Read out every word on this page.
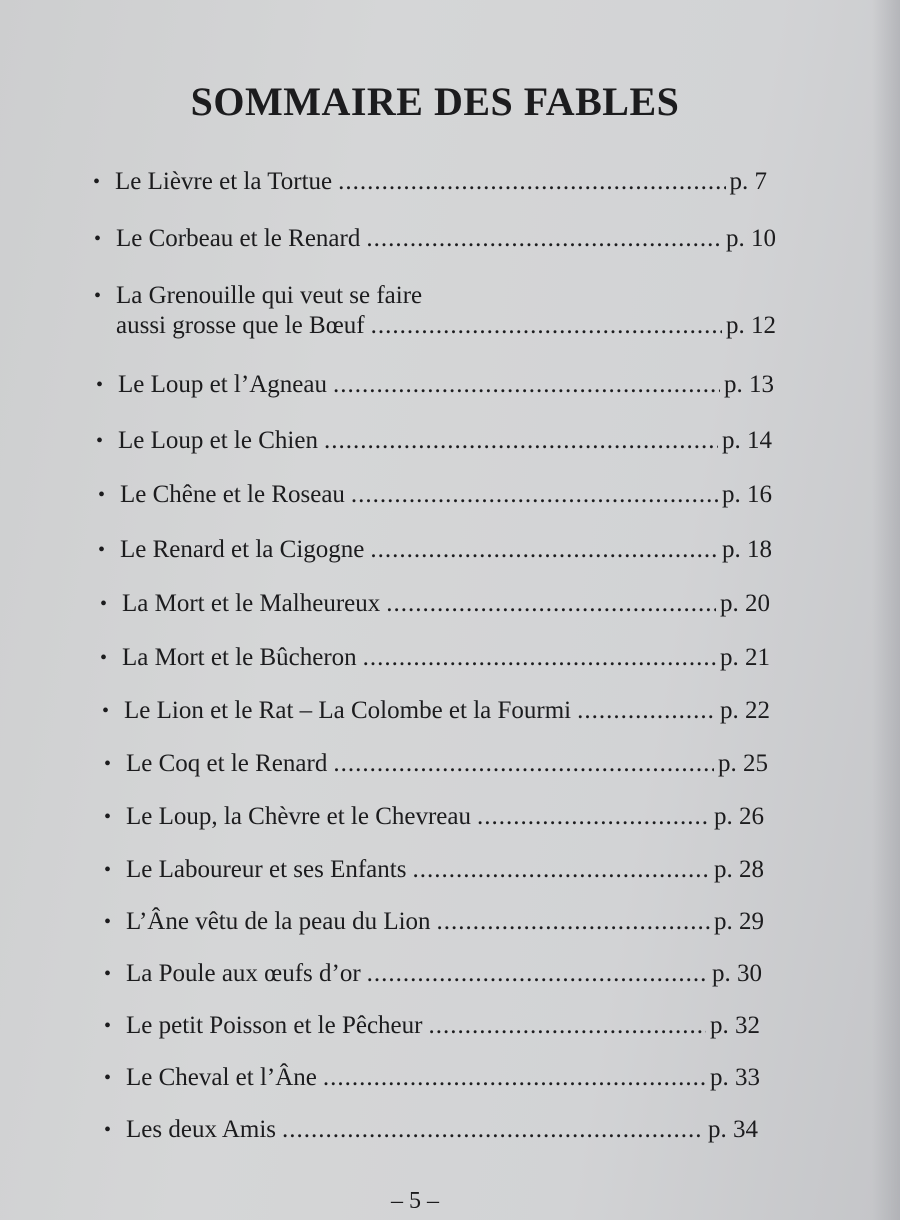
SOMMAIRE DES FABLES
• Le Lièvre et la Tortue .....	p. 7
• Le Corbeau et le Renard .....	p. 10
• La Grenouille qui veut se faire
aussi grosse que le Bœuf .....	p. 12
• Le Loup et l’Agneau .....	p. 13
• Le Loup et le Chien .....	p. 14
• Le Chêne et le Roseau .....	p. 16
• Le Renard et la Cigogne .....	p. 18
• La Mort et le Malheureux .....	p. 20
• La Mort et le Bûcheron .....	p. 21
• Le Lion et le Rat – La Colombe et la Fourmi .....	p. 22
• Le Coq et le Renard .....	p. 25
• Le Loup, la Chèvre et le Chevreau .....	p. 26
• Le Laboureur et ses Enfants .....	p. 28
• L’Âne vêtu de la peau du Lion .....	p. 29
• La Poule aux œufs d’or .....	p. 30
• Le petit Poisson et le Pêcheur .....	p. 32
• Le Cheval et l’Âne .....	p. 33
• Les deux Amis .....	p. 34

– 5 –
